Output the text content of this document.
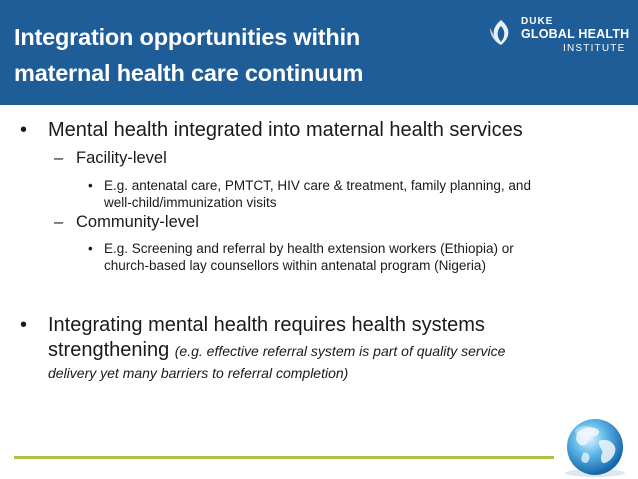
Integration opportunities within
maternal health care continuum
DUKE
GLOBAL HEALTH
INSTITUTE
• Mental health integrated into maternal health services
– Facility-level
• E.g. antenatal care, PMTCT, HIV care & treatment, family planning, and
well-child/immunization visits
– Community-level
• E.g. Screening and referral by health extension workers (Ethiopia) or
church-based lay counsellors within antenatal program (Nigeria)
• Integrating mental health requires health systems
strengthening (e.g. effective referral system is part of quality service
delivery yet many barriers to referral completion)
